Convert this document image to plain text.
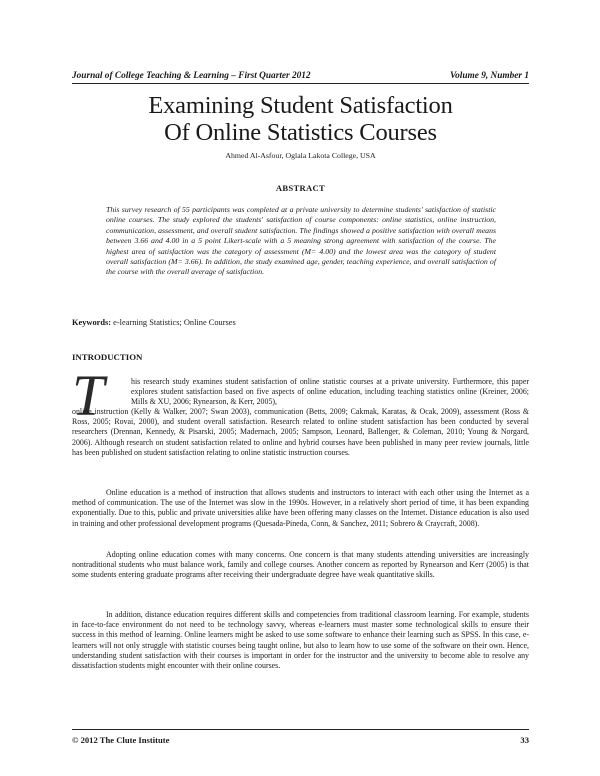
Journal of College Teaching & Learning – First Quarter 2012	Volume 9, Number 1
Examining Student Satisfaction
Of Online Statistics Courses
Ahmed Al-Asfour, Oglala Lakota College, USA
ABSTRACT

This survey research of 55 participants was completed at a private university to determine students' satisfaction of statistic online courses. The study explored the students' satisfaction of course components: online statistics, online instruction, communication, assessment, and overall student satisfaction. The findings showed a positive satisfaction with overall means between 3.66 and 4.00 in a 5 point Likert-scale with a 5 meaning strong agreement with satisfaction of the course. The highest area of satisfaction was the category of assessment (M= 4.00) and the lowest area was the category of student overall satisfaction (M= 3.66). In addition, the study examined age, gender, teaching experience, and overall satisfaction of the course with the overall average of satisfaction.

Keywords: e-learning Statistics; Online Courses
INTRODUCTION
T	his research study examines student satisfaction of online statistic courses at a private university. Furthermore, this paper explores student satisfaction based on five aspects of online education, including teaching statistics online (Kreiner, 2006; Mills & XU, 2006; Rynearson, & Kerr, 2005),

online instruction (Kelly & Walker, 2007; Swan 2003), communication (Betts, 2009; Cakmak, Karatas, & Ocak, 2009), assessment (Ross & Ross, 2005; Rovai, 2000), and student overall satisfaction. Research related to online student satisfaction has been conducted by several researchers (Drennan, Kennedy, & Pisarski, 2005; Madernach, 2005; Sampson, Leonard, Ballenger, & Coleman, 2010; Young & Norgard, 2006). Although research on student satisfaction related to online and hybrid courses have been published in many peer review journals, little has been published on student satisfaction relating to online statistic instruction courses.

Online education is a method of instruction that allows students and instructors to interact with each other using the Internet as a method of communication. The use of the Internet was slow in the 1990s. However, in a relatively short period of time, it has been expanding exponentially. Due to this, public and private universities alike have been offering many classes on the Internet. Distance education is also used in training and other professional development programs (Quesada-Pineda, Conn, & Sanchez, 2011; Sobrero & Craycraft, 2008).

Adopting online education comes with many concerns. One concern is that many students attending universities are increasingly nontraditional students who must balance work, family and college courses. Another concern as reported by Rynearson and Kerr (2005) is that some students entering graduate programs after receiving their undergraduate degree have weak quantitative skills.

In addition, distance education requires different skills and competencies from traditional classroom learning. For example, students in face-to-face environment do not need to be technology savvy, whereas e-learners must master some technological skills to ensure their success in this method of learning. Online learners might be asked to use some software to enhance their learning such as SPSS. In this case, e-learners will not only struggle with statistic courses being taught online, but also to learn how to use some of the software on their own. Hence, understanding student satisfaction with their courses is important in order for the instructor and the university to become able to resolve any dissatisfaction students might encounter with their online courses.

© 2012 The Clute Institute	33
